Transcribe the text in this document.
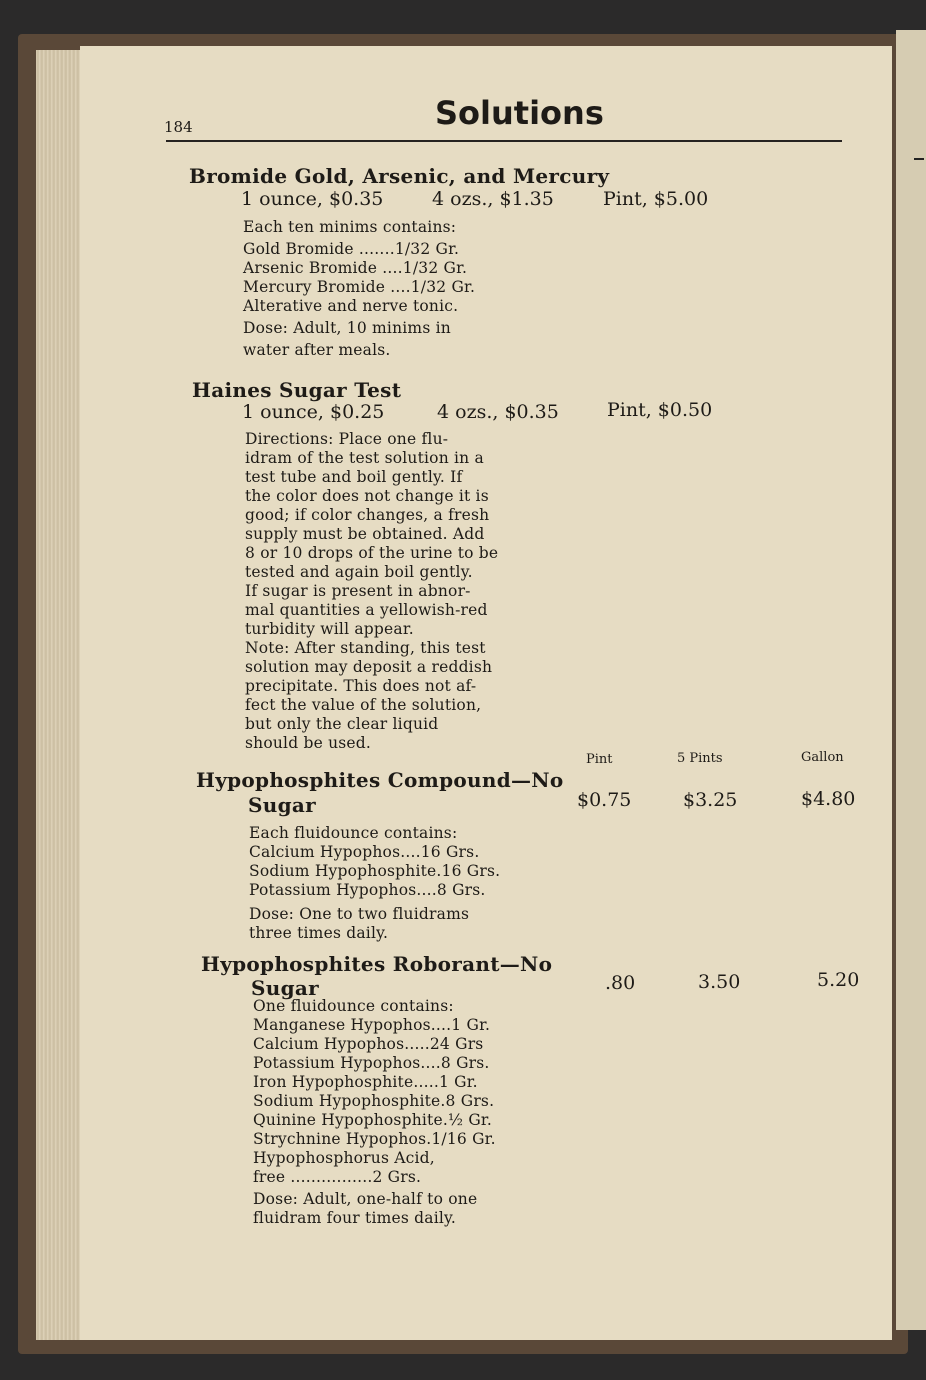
184	Solutions
Bromide Gold, Arsenic, and Mercury
1 ounce, $0.35	4 ozs., $1.35	Pint, $5.00
Each ten minims contains:
Gold Bromide .......1/32 Gr.
Arsenic Bromide ....1/32 Gr.
Mercury Bromide ....1/32 Gr.
Alterative and nerve tonic.
Dose: Adult, 10 minims in
water after meals.
Haines Sugar Test
1 ounce, $0.25	4 ozs., $0.35	Pint, $0.50
Directions: Place one flu-
idram of the test solution in a
test tube and boil gently. If
the color does not change it is
good; if color changes, a fresh
supply must be obtained. Add
8 or 10 drops of the urine to be
tested and again boil gently.
If sugar is present in abnor-
mal quantities a yellowish-red
turbidity will appear.
Note: After standing, this test
solution may deposit a reddish
precipitate. This does not af-
fect the value of the solution,
but only the clear liquid
should be used.
Pint	5 Pints	Gallon
Hypophosphites Compound—No
Sugar	$0.75	$3.25	$4.80
Each fluidounce contains:
Calcium Hypophos....16 Grs.
Sodium Hypophosphite.16 Grs.
Potassium Hypophos....8 Grs.
Dose: One to two fluidrams
three times daily.
Hypophosphites Roborant—No
Sugar	.80	3.50	5.20
One fluidounce contains:
Manganese Hypophos....1 Gr.
Calcium Hypophos.....24 Grs
Potassium Hypophos....8 Grs.
Iron Hypophosphite.....1 Gr.
Sodium Hypophosphite.8 Grs.
Quinine Hypophosphite.½ Gr.
Strychnine Hypophos.1/16 Gr.
Hypophosphorus Acid,
free ................2 Grs.
Dose: Adult, one-half to one
fluidram four times daily.
